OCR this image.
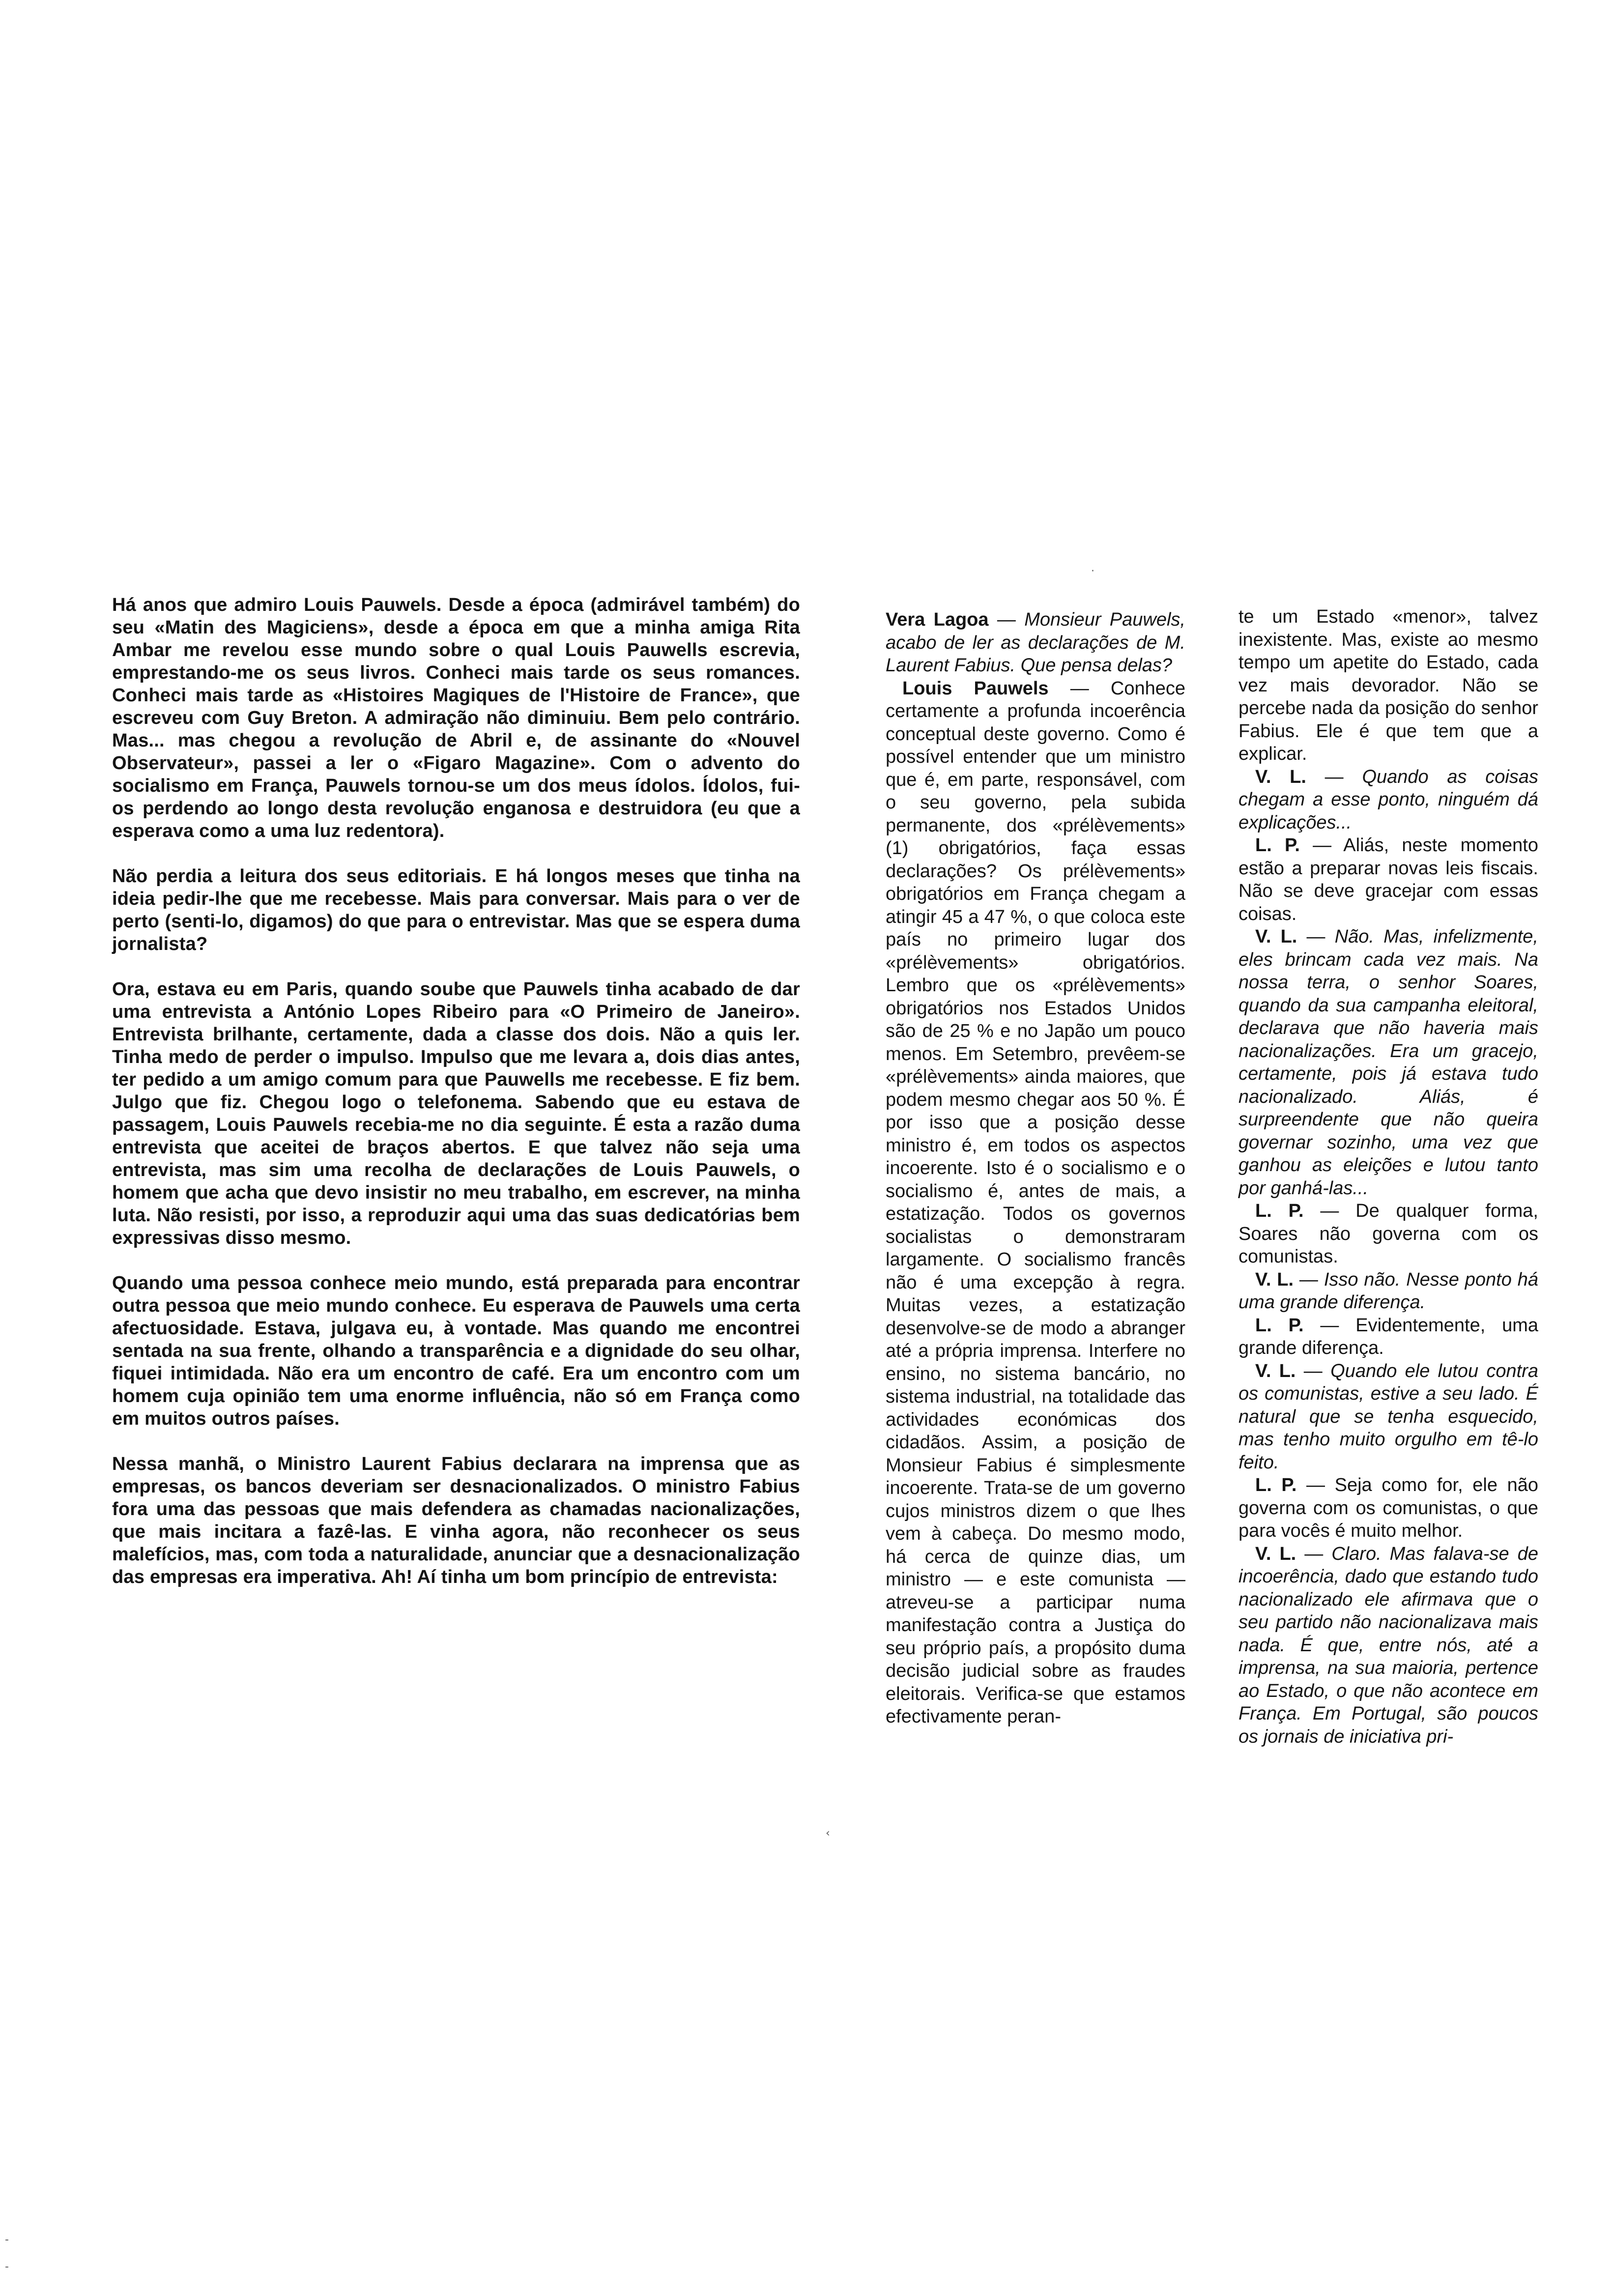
Há anos que admiro Louis Pauwels. Desde a época (admirável também) do seu «Matin des Magiciens», desde a época em que a minha amiga Rita Ambar me revelou esse mundo sobre o qual Louis Pauwells escrevia, emprestando-me os seus livros. Conheci mais tarde os seus romances. Conheci mais tarde as «Histoires Magiques de l'Histoire de France», que escreveu com Guy Breton. A admiração não diminuiu. Bem pelo contrário. Mas... mas chegou a revolução de Abril e, de assinante do «Nouvel Observateur», passei a ler o «Figaro Magazine». Com o advento do socialismo em França, Pauwels tornou-se um dos meus ídolos. Ídolos, fui-os perdendo ao longo desta revolução enganosa e destruidora (eu que a esperava como a uma luz redentora).

Não perdia a leitura dos seus editoriais. E há longos meses que tinha na ideia pedir-lhe que me recebesse. Mais para conversar. Mais para o ver de perto (senti-lo, digamos) do que para o entrevistar. Mas que se espera duma jornalista?

Ora, estava eu em Paris, quando soube que Pauwels tinha acabado de dar uma entrevista a António Lopes Ribeiro para «O Primeiro de Janeiro». Entrevista brilhante, certamente, dada a classe dos dois. Não a quis ler. Tinha medo de perder o impulso. Impulso que me levara a, dois dias antes, ter pedido a um amigo comum para que Pauwells me recebesse. E fiz bem. Julgo que fiz. Chegou logo o telefonema. Sabendo que eu estava de passagem, Louis Pauwels recebia-me no dia seguinte. É esta a razão duma entrevista que aceitei de braços abertos. E que talvez não seja uma entrevista, mas sim uma recolha de declarações de Louis Pauwels, o homem que acha que devo insistir no meu trabalho, em escrever, na minha luta. Não resisti, por isso, a reproduzir aqui uma das suas dedicatórias bem expressivas disso mesmo.

Quando uma pessoa conhece meio mundo, está preparada para encontrar outra pessoa que meio mundo conhece. Eu esperava de Pauwels uma certa afectuosidade. Estava, julgava eu, à vontade. Mas quando me encontrei sentada na sua frente, olhando a transparência e a dignidade do seu olhar, fiquei intimidada. Não era um encontro de café. Era um encontro com um homem cuja opinião tem uma enorme influência, não só em França como em muitos outros países.

Nessa manhã, o Ministro Laurent Fabius declarara na imprensa que as empresas, os bancos deveriam ser desnacionalizados. O ministro Fabius fora uma das pessoas que mais defendera as chamadas nacionalizações, que mais incitara a fazê-las. E vinha agora, não reconhecer os seus malefícios, mas, com toda a naturalidade, anunciar que a desnacionalização das empresas era imperativa. Ah! Aí tinha um bom princípio de entrevista:

Vera Lagoa — Monsieur Pauwels, acabo de ler as declarações de M. Laurent Fabius. Que pensa delas?

Louis Pauwels — Conhece certamente a profunda incoerência conceptual deste governo. Como é possível entender que um ministro que é, em parte, responsável, com o seu governo, pela subida permanente, dos «prélèvements» (1) obrigatórios, faça essas declarações? Os prélèvements» obrigatórios em França chegam a atingir 45 a 47 %, o que coloca este país no primeiro lugar dos «prélèvements» obrigatórios. Lembro que os «prélèvements» obrigatórios nos Estados Unidos são de 25 % e no Japão um pouco menos. Em Setembro, prevêem-se «prélèvements» ainda maiores, que podem mesmo chegar aos 50 %. É por isso que a posição desse ministro é, em todos os aspectos incoerente. Isto é o socialismo e o socialismo é, antes de mais, a estatização. Todos os governos socialistas o demonstraram largamente. O socialismo francês não é uma excepção à regra. Muitas vezes, a estatização desenvolve-se de modo a abranger até a própria imprensa. Interfere no ensino, no sistema bancário, no sistema industrial, na totalidade das actividades económicas dos cidadãos. Assim, a posição de Monsieur Fabius é simplesmente incoerente. Trata-se de um governo cujos ministros dizem o que lhes vem à cabeça. Do mesmo modo, há cerca de quinze dias, um ministro — e este comunista — atreveu-se a participar numa manifestação contra a Justiça do seu próprio país, a propósito duma decisão judicial sobre as fraudes eleitorais. Verifica-se que estamos efectivamente peran-

te um Estado «menor», talvez inexistente. Mas, existe ao mesmo tempo um apetite do Estado, cada vez mais devorador. Não se percebe nada da posição do senhor Fabius. Ele é que tem que a explicar.

V. L. — Quando as coisas chegam a esse ponto, ninguém dá explicações...

L. P. — Aliás, neste momento estão a preparar novas leis fiscais. Não se deve gracejar com essas coisas.

V. L. — Não. Mas, infelizmente, eles brincam cada vez mais. Na nossa terra, o senhor Soares, quando da sua campanha eleitoral, declarava que não haveria mais nacionalizações. Era um gracejo, certamente, pois já estava tudo nacionalizado. Aliás, é surpreendente que não queira governar sozinho, uma vez que ganhou as eleições e lutou tanto por ganhá-las...

L. P. — De qualquer forma, Soares não governa com os comunistas.

V. L. — Isso não. Nesse ponto há uma grande diferença.

L. P. — Evidentemente, uma grande diferença.

V. L. — Quando ele lutou contra os comunistas, estive a seu lado. É natural que se tenha esquecido, mas tenho muito orgulho em tê-lo feito.

L. P. — Seja como for, ele não governa com os comunistas, o que para vocês é muito melhor.

V. L. — Claro. Mas falava-se de incoerência, dado que estando tudo nacionalizado ele afirmava que o seu partido não nacionalizava mais nada. É que, entre nós, até a imprensa, na sua maioria, pertence ao Estado, o que não acontece em França. Em Portugal, são poucos os jornais de iniciativa pri-

·
‹
-
-
